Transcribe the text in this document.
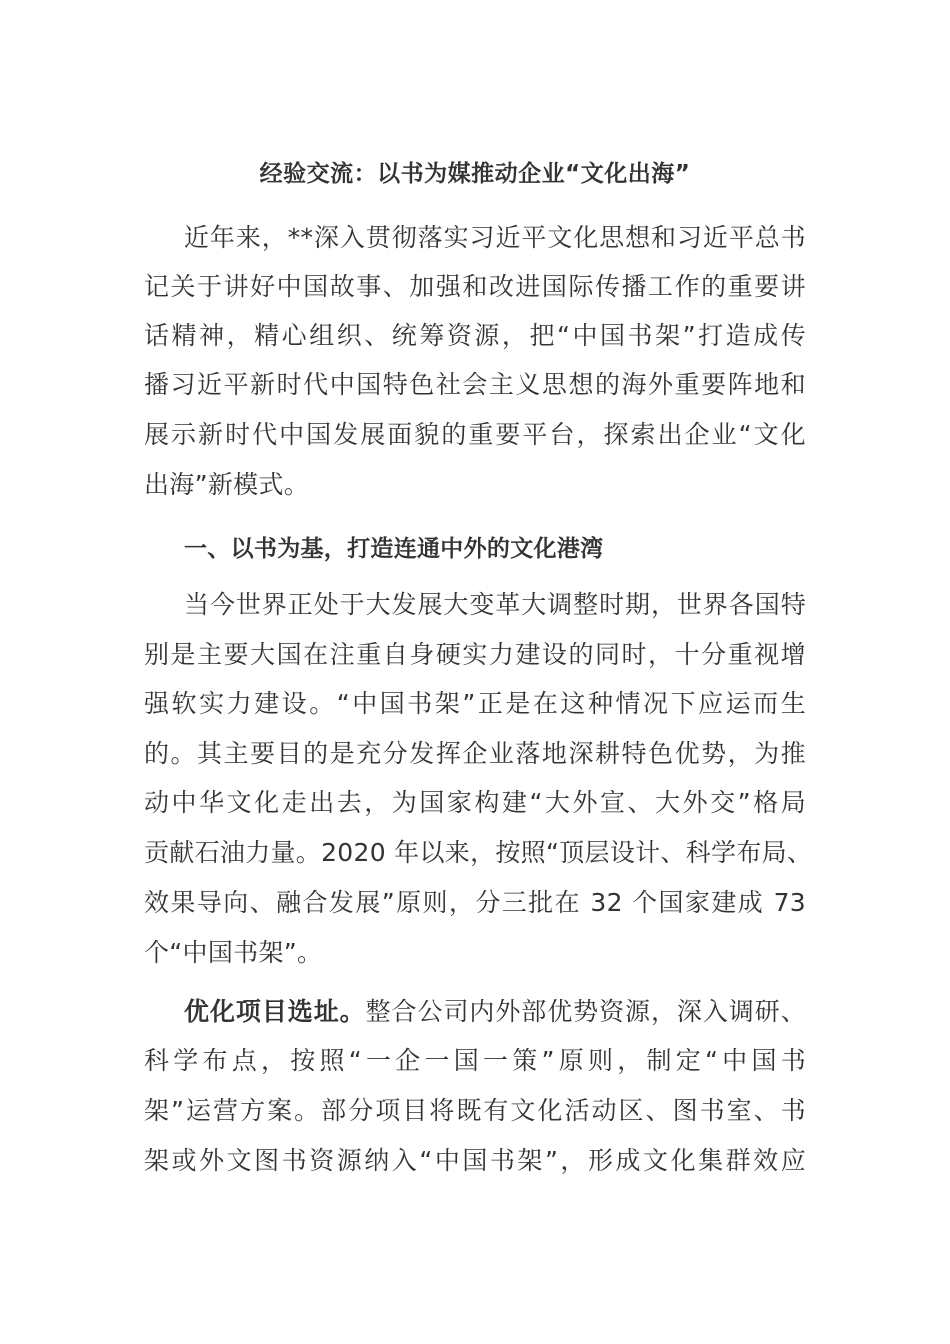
经验交流：以书为媒推动企业“文化出海”
近年来，**深入贯彻落实习近平文化思想和习近平总书
记关于讲好中国故事、加强和改进国际传播工作的重要讲
话精神，精心组织、统筹资源，把“中国书架”打造成传
播习近平新时代中国特色社会主义思想的海外重要阵地和
展示新时代中国发展面貌的重要平台，探索出企业“文化
出海”新模式。
一、以书为基，打造连通中外的文化港湾
当今世界正处于大发展大变革大调整时期，世界各国特
别是主要大国在注重自身硬实力建设的同时，十分重视增
强软实力建设。“中国书架”正是在这种情况下应运而生
的。其主要目的是充分发挥企业落地深耕特色优势，为推
动中华文化走出去，为国家构建“大外宣、大外交”格局
贡献石油力量。2020 年以来，按照“顶层设计、科学布局、
效果导向、融合发展”原则，分三批在 32 个国家建成 73
个“中国书架”。
优化项目选址。整合公司内外部优势资源，深入调研、
科学布点，按照“一企一国一策”原则，制定“中国书
架”运营方案。部分项目将既有文化活动区、图书室、书
架或外文图书资源纳入“中国书架”，形成文化集群效应
